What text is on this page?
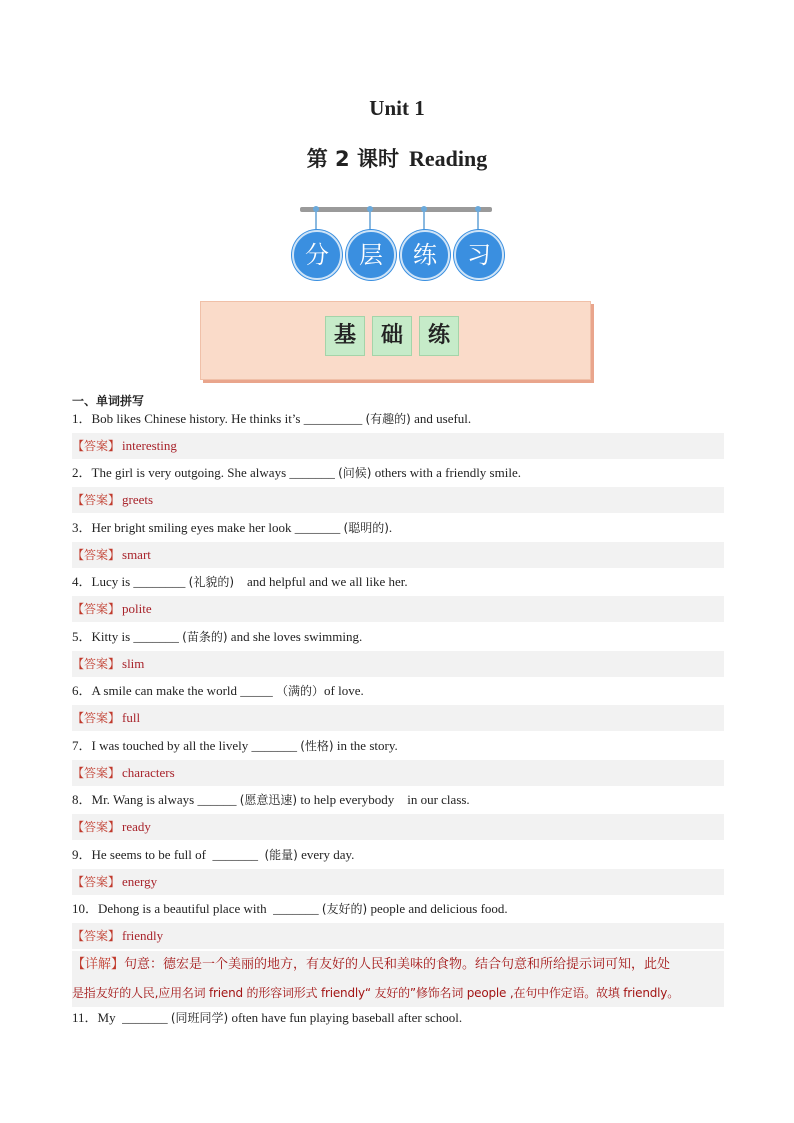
Unit 1
第 2 课时 Reading
分	层	练	习
基	础	练
一、单词拼写
1．Bob likes Chinese history. He thinks it’s _________ (有趣的) and useful.
【答案】 interesting
2．The girl is very outgoing. She always _______ (问候) others with a friendly smile.
【答案】 greets
3．Her bright smiling eyes make her look _______ (聪明的).
【答案】 smart
4．Lucy is ________ (礼貌的)    and helpful and we all like her.
【答案】 polite
5．Kitty is _______ (苗条的) and she loves swimming.
【答案】 slim
6．A smile can make the world _____ （满的）of love.
【答案】 full
7．I was touched by all the lively _______ (性格) in the story.
【答案】 characters
8．Mr. Wang is always ______ (愿意迅速) to help everybody    in our class.
【答案】 ready
9．He seems to be full of  _______  (能量) every day.
【答案】 energy
10．Dehong is a beautiful place with  _______ (友好的) people and delicious food.
【答案】 friendly
【详解】句意：德宏是一个美丽的地方，有友好的人民和美味的食物。结合句意和所给提示词可知，此处
是指友好的人民,应用名词 friend 的形容词形式 friendly“ 友好的”修饰名词 people ,在句中作定语。故填 friendly。
11．My  _______ (同班同学) often have fun playing baseball after school.
